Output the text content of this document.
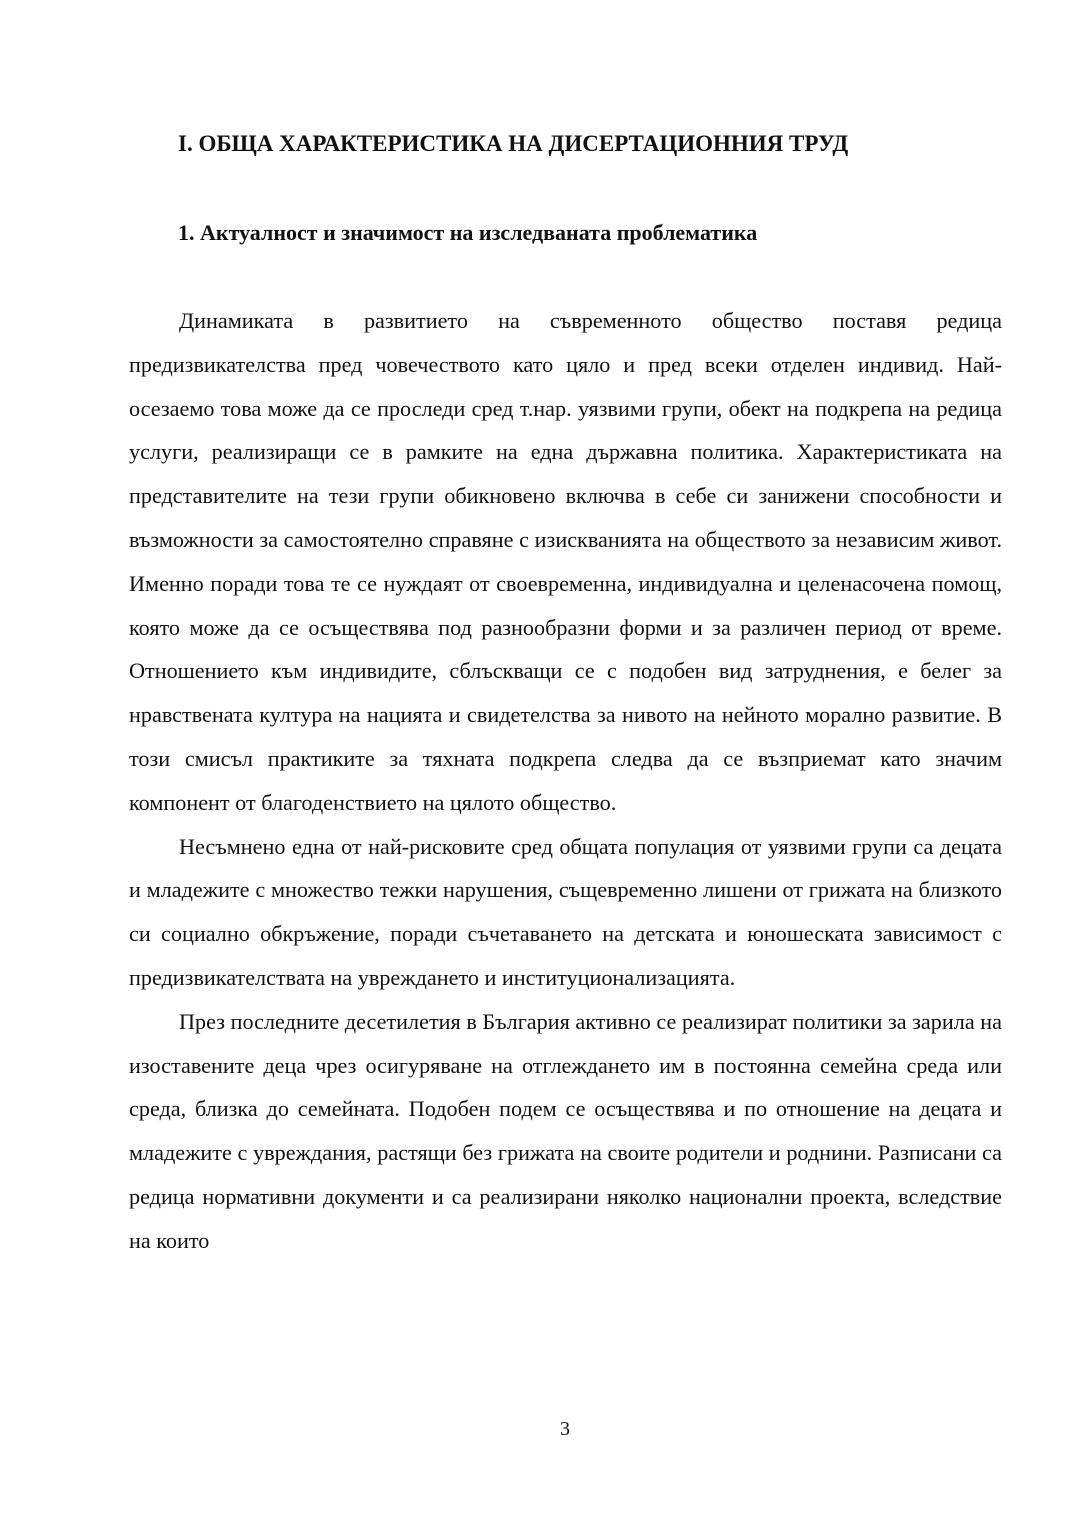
I. ОБЩА ХАРАКТЕРИСТИКА НА ДИСЕРТАЦИОННИЯ ТРУД
1. Актуалност и значимост на изследваната проблематика

Динамиката в развитието на съвременното общество поставя редица предизвикателства пред човечеството като цяло и пред всеки отделен индивид. Най-осезаемо това може да се проследи сред т.нар. уязвими групи, обект на подкрепа на редица услуги, реализиращи се в рамките на една държавна политика. Характеристиката на представителите на тези групи обикновено включва в себе си занижени способности и възможности за самостоятелно справяне с изискванията на обществото за независим живот. Именно поради това те се нуждаят от своевременна, индивидуална и целенасочена помощ, която може да се осъществява под разнообразни форми и за различен период от време. Отношението към индивидите, сблъскващи се с подобен вид затруднения, е белег за нравствената култура на нацията и свидетелства за нивото на нейното морално развитие. В този смисъл практиките за тяхната подкрепа следва да се възприемат като значим компонент от благоденствието на цялото общество.

Несъмнено една от най-рисковите сред общата популация от уязвими групи са децата и младежите с множество тежки нарушения, същевременно лишени от грижата на близкото си социално обкръжение, поради съчетаването на детската и юношеската зависимост с предизвикателствата на увреждането и институционализацията.

През последните десетилетия в България активно се реализират политики за зарила на изоставените деца чрез осигуряване на отглеждането им в постоянна семейна среда или среда, близка до семейната. Подобен подем се осъществява и по отношение на децата и младежите с увреждания, растящи без грижата на своите родители и роднини. Разписани са редица нормативни документи и са реализирани няколко национални проекта, вследствие на които

3
